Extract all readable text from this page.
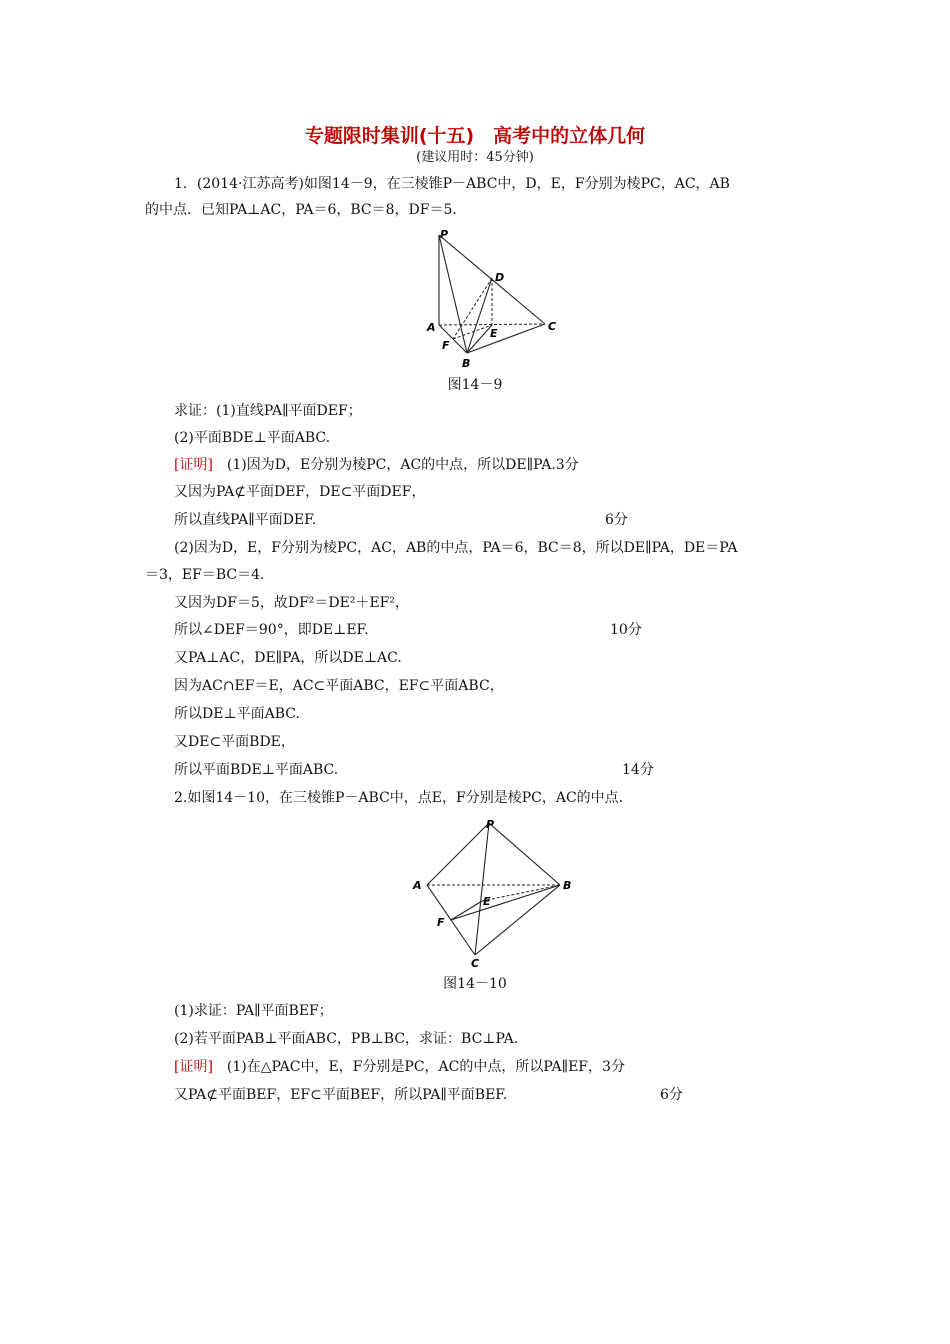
专题限时集训(十五)　高考中的立体几何
(建议用时：45分钟)
1．(2014·江苏高考)如图14－9，在三棱锥P－ABC中，D，E，F分别为棱PC，AC，AB
的中点．已知PA⊥AC，PA＝6，BC＝8，DF＝5.
P
D
A	E
C
F
B
图14－9
求证：(1)直线PA∥平面DEF；
(2)平面BDE⊥平面ABC.
[证明]　(1)因为D，E分别为棱PC，AC的中点，所以DE∥PA.3分
又因为PA⊄平面DEF，DE⊂平面DEF，
所以直线PA∥平面DEF.	6分
(2)因为D，E，F分别为棱PC，AC，AB的中点，PA＝6，BC＝8，所以DE∥PA，DE＝PA
＝3，EF＝BC＝4.
又因为DF＝5，故DF²＝DE²＋EF²，
所以∠DEF＝90°，即DE⊥EF.	10分
又PA⊥AC，DE∥PA，所以DE⊥AC.
因为AC∩EF＝E，AC⊂平面ABC，EF⊂平面ABC，
所以DE⊥平面ABC.
又DE⊂平面BDE，
所以平面BDE⊥平面ABC.	14分
2.如图14－10，在三棱锥P－ABC中，点E，F分别是棱PC，AC的中点．
P
A	B
E
F
C
图14－10
(1)求证：PA∥平面BEF；
(2)若平面PAB⊥平面ABC，PB⊥BC，求证：BC⊥PA.
[证明]　(1)在△PAC中，E，F分别是PC，AC的中点，所以PA∥EF，3分
又PA⊄平面BEF，EF⊂平面BEF，所以PA∥平面BEF.	6分
